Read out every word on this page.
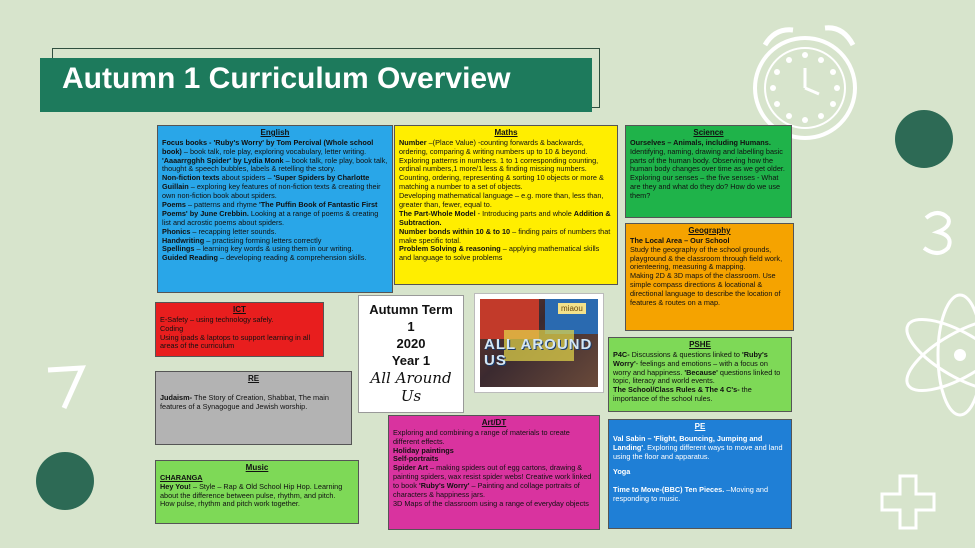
Autumn 1 Curriculum Overview
English

Focus books - 'Ruby's Worry' by Tom Percival (Whole school book) – book talk, role play, exploring vocabulary, letter writing. 'Aaaarrgghh Spider' by Lydia Monk – book talk, role play, book talk, thought & speech bubbles, labels & retelling the story.

Non-fiction texts about spiders – 'Super Spiders by Charlotte Guillain – exploring key features of non-fiction texts & creating their own non-fiction book about spiders.

Poems – patterns and rhyme 'The Puffin Book of Fantastic First Poems' by June Crebbin. Looking at a range of poems & creating list and acrostic poems about spiders.

Phonics – recapping letter sounds.

Handwriting – practising forming letters correctly

Spellings – learning key words & using them in our writing.

Guided Reading – developing reading & comprehension skills.

Maths

Number –(Place Value) -counting forwards & backwards, ordering, comparing & writing numbers up to 10 & beyond. Exploring patterns in numbers. 1 to 1 corresponding counting, ordinal numbers,1 more/1 less & finding missing numbers. Counting, ordering, representing & sorting 10 objects or more & matching a number to a set of objects.

Developing mathematical language – e.g. more than, less than, greater than, fewer, equal to.

The Part-Whole Model - Introducing parts and whole Addition & Subtraction.

Number bonds within 10 & to 10 – finding pairs of numbers that make specific total.

Problem Solving & reasoning – applying mathematical skills and language to solve problems

Science

Ourselves – Animals, including Humans.

Identifying, naming, drawing and labelling basic parts of the human body. Observing how the human body changes over time as we get older. Exploring our senses – the five senses - What are they and what do they do? How do we use them?

Geography

The Local Area – Our School

Study the geography of the school grounds, playground & the classroom through field work, orienteering, measuring & mapping.

Making 2D & 3D maps of the classroom. Use simple compass directions & locational & directional language to describe the location of features & routes on a map.

ICT

E-Safety – using technology safely.

Coding

Using ipads & laptops to support learning in all areas of the curriculum

RE

Judaism- The Story of Creation, Shabbat, The main features of a Synagogue and Jewish worship.

Music

CHARANGA

Hey You! – Style – Rap & Old School Hip Hop. Learning about the difference between pulse, rhythm, and pitch.

How pulse, rhythm and pitch work together.

Autumn Term
1
2020
Year 1
All Around
Us
miaou
ALL AROUND US
Art/DT

Exploring and combining a range of materials to create different effects.

Holiday paintings

Self-portraits

Spider Art – making spiders out of egg cartons, drawing & painting spiders, wax resist spider webs! Creative work linked to book 'Ruby's Worry' – Painting and collage portraits of characters & happiness jars.

3D Maps of the classroom using a range of everyday objects

PSHE

P4C- Discussions & questions linked to 'Ruby's Worry'- feelings and emotions – with a focus on worry and happiness. 'Because' questions linked to topic, literacy and world events.

The School/Class Rules & The 4 C's- the importance of the school rules.

PE

Val Sabin – 'Flight, Bouncing, Jumping and Landing'. Exploring different ways to move and land using the floor and apparatus.

Yoga

Time to Move-(BBC) Ten Pieces. –Moving and responding to music.
